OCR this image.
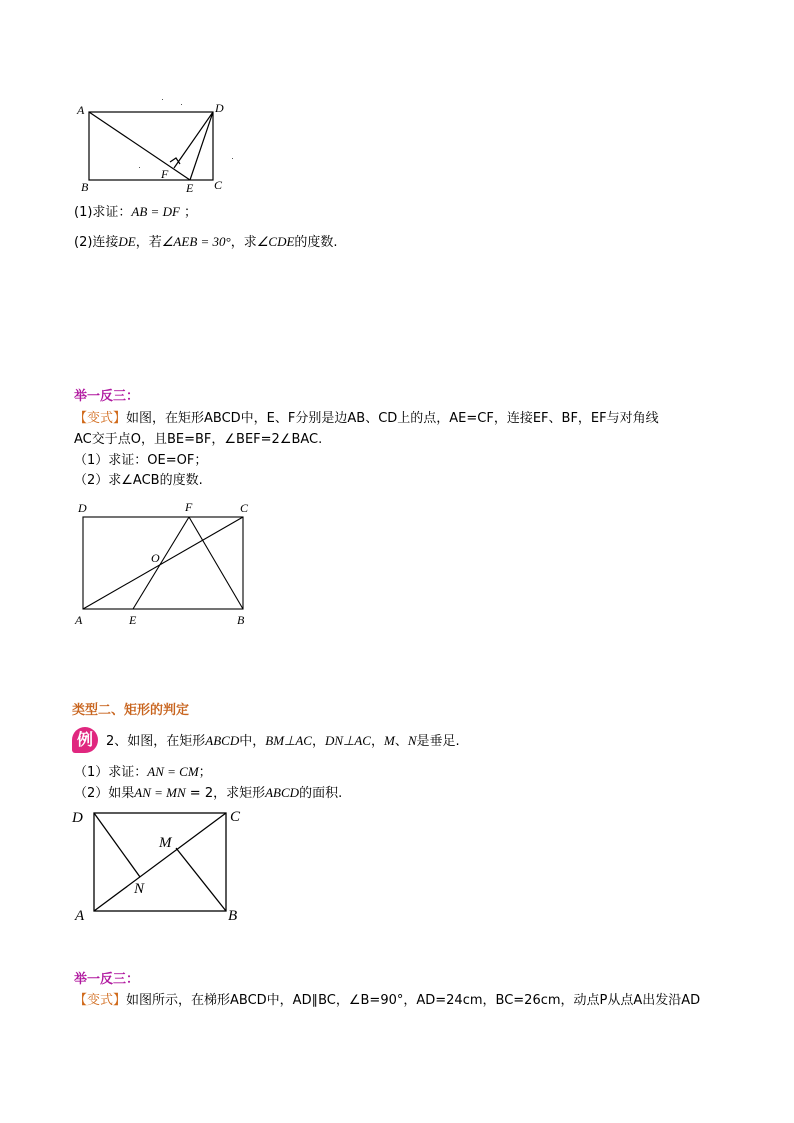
A	D
B	C
E
F
(1)求证：AB = DF ；
(2)连接DE，若∠AEB = 30°，求∠CDE的度数.
举一反三：
【变式】如图，在矩形ABCD中，E、F分别是边AB、CD上的点，AE=CF，连接EF、BF，EF与对角线
AC交于点O，且BE=BF，∠BEF=2∠BAC.
（1）求证：OE=OF；
（2）求∠ACB的度数.
D	F	C
O
A	E	B
类型二、矩形的判定
例	2、如图，在矩形ABCD中，BM⊥AC，DN⊥AC，M、N是垂足.
（1）求证：AN = CM；
（2）如果AN = MN = 2，求矩形ABCD的面积.
D	C
M
N
A	B
举一反三：
【变式】如图所示，在梯形ABCD中，AD∥BC，∠B=90°，AD=24cm，BC=26cm，动点P从点A出发沿AD
